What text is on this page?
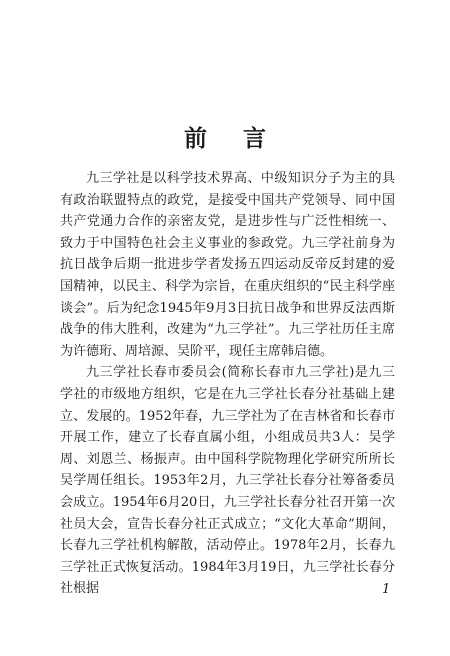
前 言

九三学社是以科学技术界高、中级知识分子为主的具有政治联盟特点的政党，是接受中国共产党领导、同中国共产党通力合作的亲密友党，是进步性与广泛性相统一、致力于中国特色社会主义事业的参政党。九三学社前身为抗日战争后期一批进步学者发扬五四运动反帝反封建的爱国精神，以民主、科学为宗旨，在重庆组织的“民主科学座谈会”。后为纪念1945年9月3日抗日战争和世界反法西斯战争的伟大胜利，改建为“九三学社”。九三学社历任主席为许德珩、周培源、吴阶平，现任主席韩启德。

九三学社长春市委员会(简称长春市九三学社)是九三学社的市级地方组织，它是在九三学社长春分社基础上建立、发展的。1952年春，九三学社为了在吉林省和长春市开展工作，建立了长春直属小组，小组成员共3人：吴学周、刘恩兰、杨振声。由中国科学院物理化学研究所所长吴学周任组长。1953年2月，九三学社长春分社筹备委员会成立。1954年6月20日，九三学社长春分社召开第一次社员大会，宣告长春分社正式成立；“文化大革命”期间，长春九三学社机构解散，活动停止。1978年2月，长春九三学社正式恢复活动。1984年3月19日，九三学社长春分社根据	1
